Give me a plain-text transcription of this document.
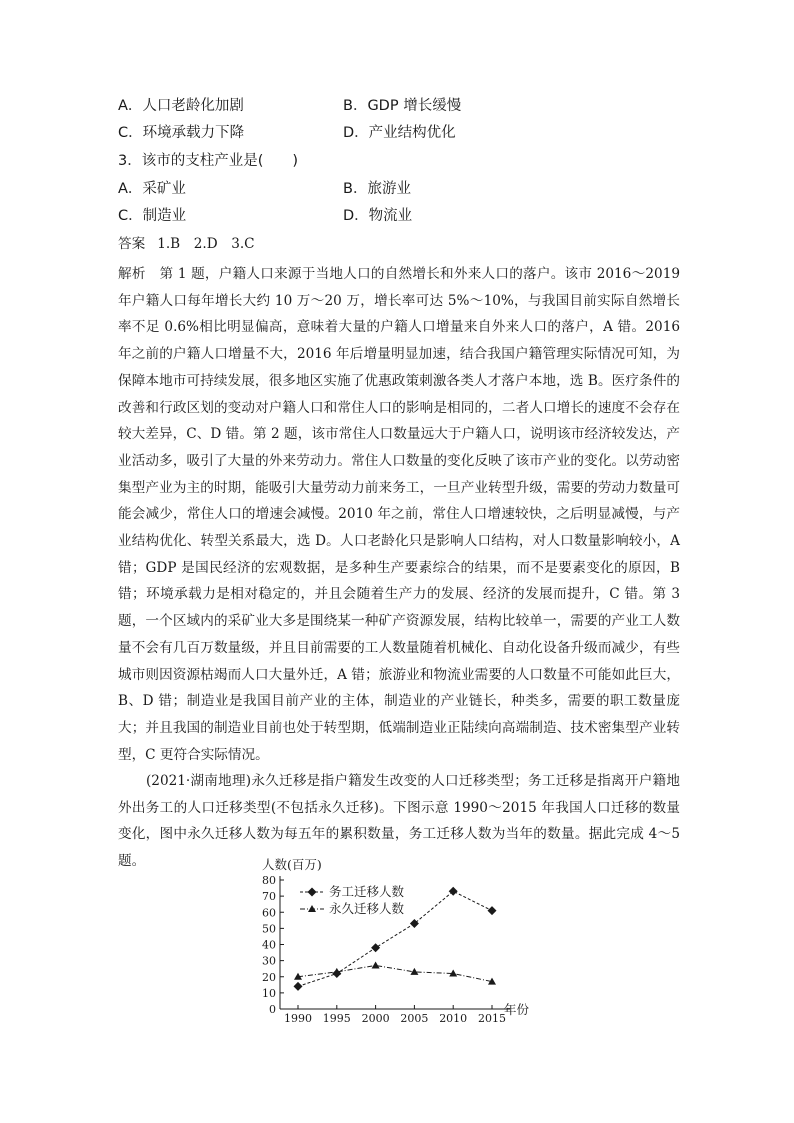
A．人口老龄化加剧	B．GDP 增长缓慢
C．环境承载力下降	D．产业结构优化
3．该市的支柱产业是(　　)
A．采矿业	B．旅游业
C．制造业	D．物流业
答案 1.B　2.D　3.C
解析　第 1 题，户籍人口来源于当地人口的自然增长和外来人口的落户。该市 2016～2019 年户籍人口每年增长大约 10 万～20 万，增长率可达 5%～10%，与我国目前实际自然增长率不足 0.6%相比明显偏高，意味着大量的户籍人口增量来自外来人口的落户，A 错。2016 年之前的户籍人口增量不大，2016 年后增量明显加速，结合我国户籍管理实际情况可知，为保障本地市可持续发展，很多地区实施了优惠政策刺激各类人才落户本地，选 B。医疗条件的改善和行政区划的变动对户籍人口和常住人口的影响是相同的，二者人口增长的速度不会存在较大差异，C、D 错。第 2 题，该市常住人口数量远大于户籍人口，说明该市经济较发达，产业活动多，吸引了大量的外来劳动力。常住人口数量的变化反映了该市产业的变化。以劳动密集型产业为主的时期，能吸引大量劳动力前来务工，一旦产业转型升级，需要的劳动力数量可能会减少，常住人口的增速会减慢。2010 年之前，常住人口增速较快，之后明显减慢，与产业结构优化、转型关系最大，选 D。人口老龄化只是影响人口结构，对人口数量影响较小，A 错；GDP 是国民经济的宏观数据，是多种生产要素综合的结果，而不是要素变化的原因，B 错；环境承载力是相对稳定的，并且会随着生产力的发展、经济的发展而提升，C 错。第 3 题，一个区域内的采矿业大多是围绕某一种矿产资源发展，结构比较单一，需要的产业工人数量不会有几百万数量级，并且目前需要的工人数量随着机械化、自动化设备升级而减少，有些城市则因资源枯竭而人口大量外迁，A 错；旅游业和物流业需要的人口数量不可能如此巨大，B、D 错；制造业是我国目前产业的主体，制造业的产业链长，种类多，需要的职工数量庞大；并且我国的制造业目前也处于转型期，低端制造业正陆续向高端制造、技术密集型产业转型，C 更符合实际情况。
(2021·湖南地理)永久迁移是指户籍发生改变的人口迁移类型；务工迁移是指离开户籍地外出务工的人口迁移类型(不包括永久迁移)。下图示意 1990～2015 年我国人口迁移的数量变化，图中永久迁移人数为每五年的累积数量，务工迁移人数为当年的数量。据此完成 4～5 题。	人数(百万)
0
10
20
30
40
50
60
70
80
1990 1995 2000 2005 2010 2015
务工迁移人数
永久迁移人数
年份
